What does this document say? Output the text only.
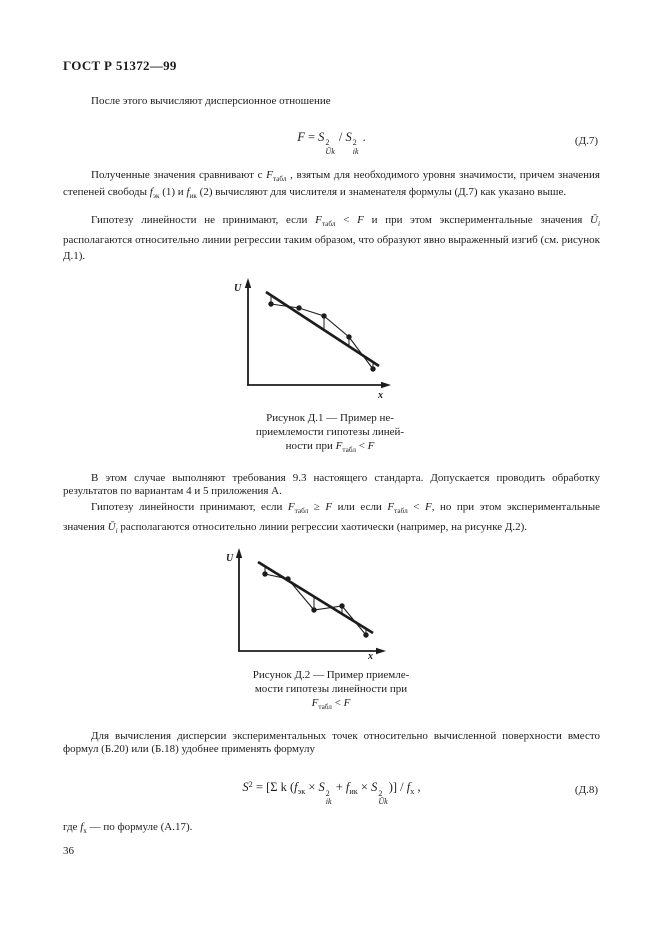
ГОСТ Р 51372—99

После этого вычисляют дисперсионное отношение

F = S 2
Ūk
/ S 2
ik
.	(Д.7)

Полученные значения сравнивают с $F_{табл}$ , взятым для необходимого уровня значимости, причем значения степеней свободы $f_{эк}$ (1) и $f_{ик}$ (2) вычисляют для числителя и знаменателя формулы (Д.7) как указано выше.

Гипотезу линейности не принимают, если $F_{табл} < F$ и при этом экспериментальные значения $Ū_i$ располагаются относительно линии регрессии таким образом, что образуют явно выраженный изгиб (см. рисунок Д.1).

U
x
Рисунок Д.1 — Пример не-
приемлемости гипотезы линей-
ности при $F_{табл} < F$

В этом случае выполняют требования 9.3 настоящего стандарта. Допускается проводить обработку результатов по вариантам 4 и 5 приложения А.

Гипотезу линейности принимают, если $F_{табл} \ge F$ или если $F_{табл} < F$, но при этом экспериментальные значения $Ū_i$ располагаются относительно линии регрессии хаотически (например, на рисунке Д.2).

U
x
Рисунок Д.2 — Пример приемле-
мости гипотезы линейности при
$F_{табл} < F$

Для вычисления дисперсии экспериментальных точек относительно вычисленной поверхности вместо формул (Б.20) или (Б.18) удобнее применять формулу

$S^2 = [\Sigma$ k ($f_{эк} \times S$ 2
ik
+ $f_{ик} \times S$ 2
Ūk
)] / $f_х$ ,	(Д.8)

где $f_х$ — по формуле (А.17).

36
